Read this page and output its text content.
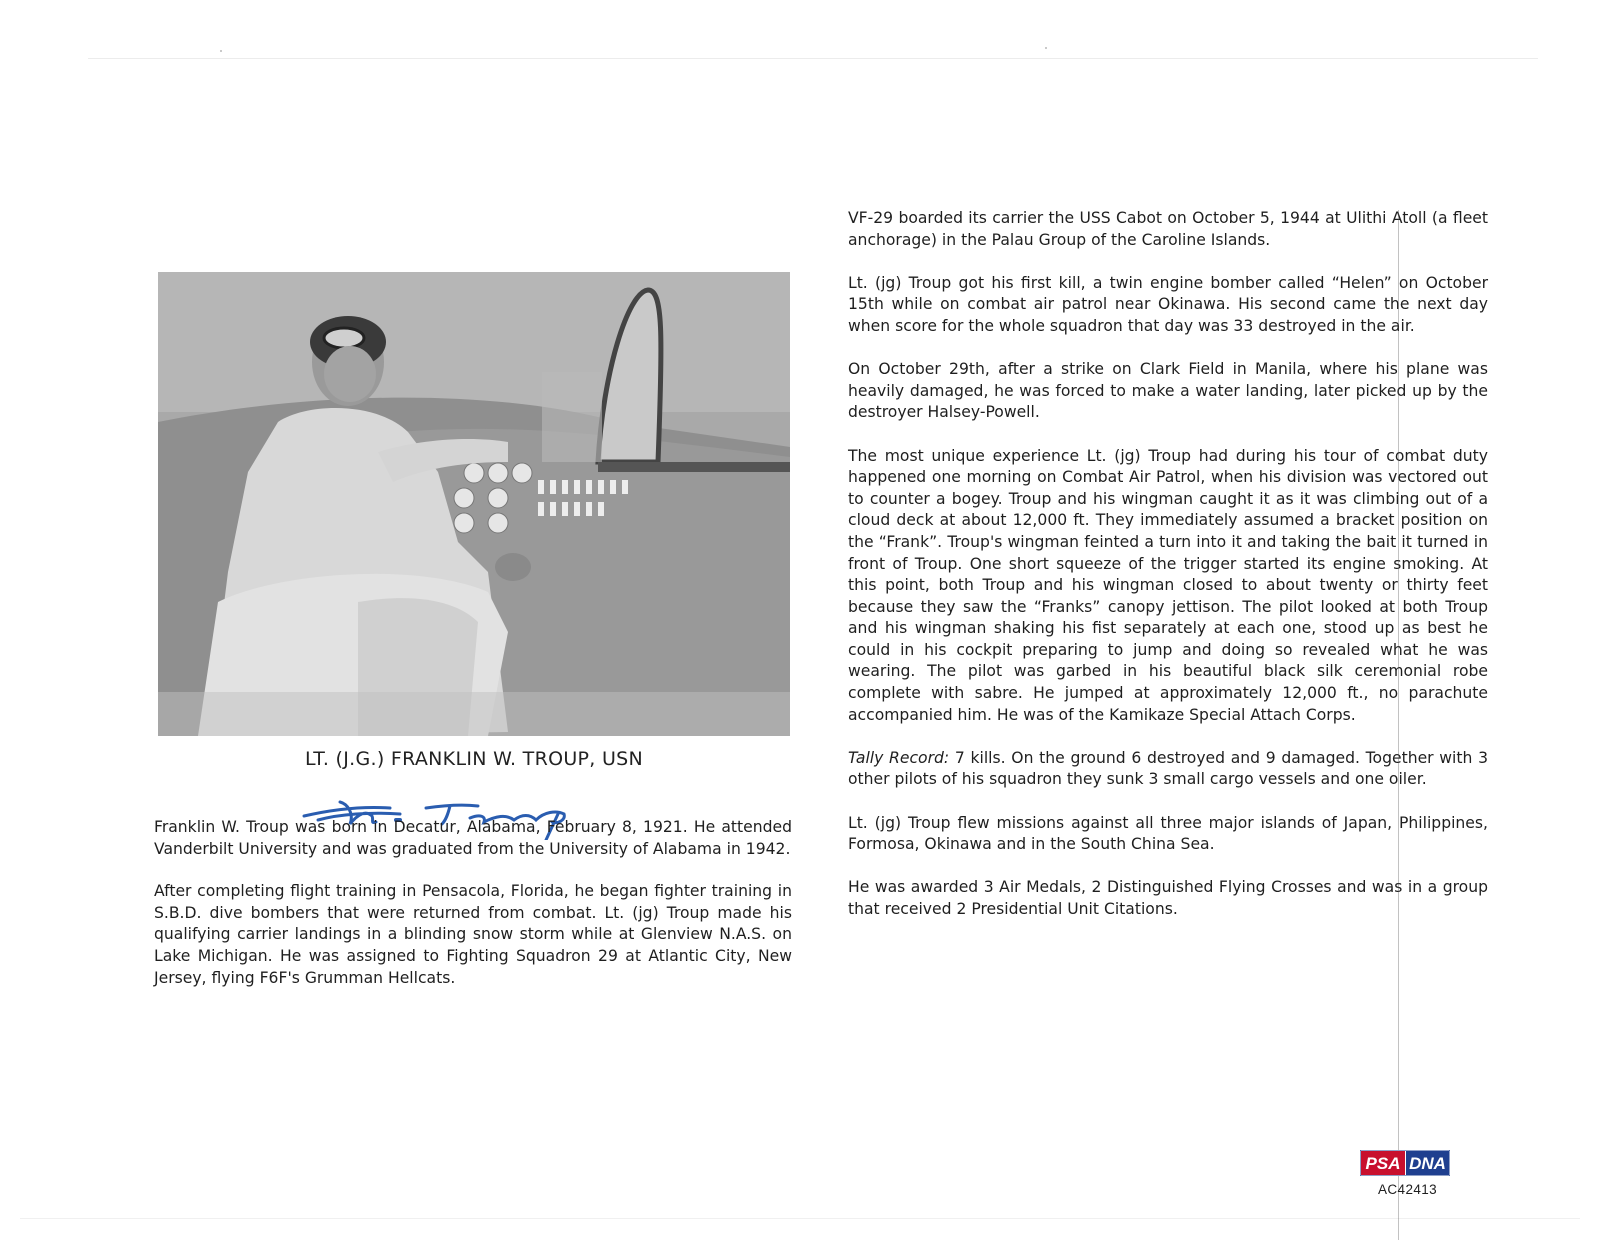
LT. (J.G.) FRANKLIN W. TROUP, USN

Franklin W. Troup was born in Decatur, Alabama, February 8, 1921. He attended Vanderbilt University and was graduated from the University of Alabama in 1942.

After completing flight training in Pensacola, Florida, he began fighter training in S.B.D. dive bombers that were returned from combat. Lt. (jg) Troup made his qualifying carrier landings in a blinding snow storm while at Glenview N.A.S. on Lake Michigan. He was assigned to Fighting Squadron 29 at Atlantic City, New Jersey, flying F6F's Grumman Hellcats.

VF-29 boarded its carrier the USS Cabot on October 5, 1944 at Ulithi Atoll (a fleet anchorage) in the Palau Group of the Caroline Islands.

Lt. (jg) Troup got his first kill, a twin engine bomber called “Helen” on October 15th while on combat air patrol near Okinawa. His second came the next day when score for the whole squadron that day was 33 destroyed in the air.

On October 29th, after a strike on Clark Field in Manila, where his plane was heavily damaged, he was forced to make a water landing, later picked up by the destroyer Halsey-Powell.

The most unique experience Lt. (jg) Troup had during his tour of combat duty happened one morning on Combat Air Patrol, when his division was vectored out to counter a bogey. Troup and his wingman caught it as it was climbing out of a cloud deck at about 12,000 ft. They immediately assumed a bracket position on the “Frank”. Troup's wingman feinted a turn into it and taking the bait it turned in front of Troup. One short squeeze of the trigger started its engine smoking. At this point, both Troup and his wingman closed to about twenty or thirty feet because they saw the “Franks” canopy jettison. The pilot looked at both Troup and his wingman shaking his fist separately at each one, stood up as best he could in his cockpit preparing to jump and doing so revealed what he was wearing. The pilot was garbed in his beautiful black silk ceremonial robe complete with sabre. He jumped at approximately 12,000 ft., no parachute accompanied him. He was of the Kamikaze Special Attach Corps.

Tally Record: 7 kills. On the ground 6 destroyed and 9 damaged. Together with 3 other pilots of his squadron they sunk 3 small cargo vessels and one oiler.

Lt. (jg) Troup flew missions against all three major islands of Japan, Philippines, Formosa, Okinawa and in the South China Sea.

He was awarded 3 Air Medals, 2 Distinguished Flying Crosses and was in a group that received 2 Presidential Unit Citations.

PSA DNA
AC42413
